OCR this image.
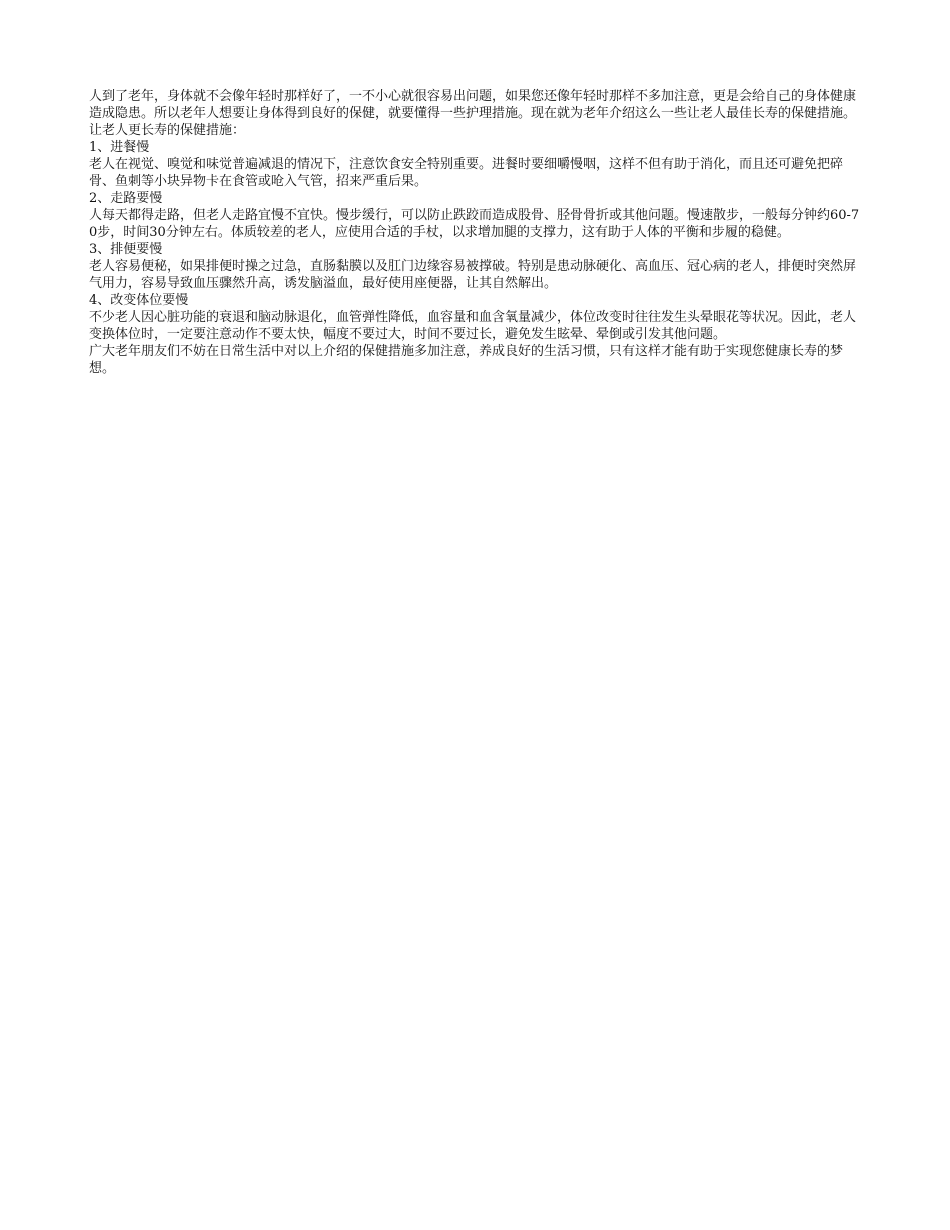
人到了老年，身体就不会像年轻时那样好了，一不小心就很容易出问题，如果您还像年轻时那样不多加注意，更是会给自己的身体健康造成隐患。所以老年人想要让身体得到良好的保健，就要懂得一些护理措施。现在就为老年介绍这么一些让老人最佳长寿的保健措施。

让老人更长寿的保健措施：

1、进餐慢

老人在视觉、嗅觉和味觉普遍减退的情况下，注意饮食安全特别重要。进餐时要细嚼慢咽，这样不但有助于消化，而且还可避免把碎骨、鱼刺等小块异物卡在食管或呛入气管，招来严重后果。

2、走路要慢

人每天都得走路，但老人走路宜慢不宜快。慢步缓行，可以防止跌跤而造成股骨、胫骨骨折或其他问题。慢速散步，一般每分钟约60-70步，时间30分钟左右。体质较差的老人，应使用合适的手杖，以求增加腿的支撑力，这有助于人体的平衡和步履的稳健。

3、排便要慢

老人容易便秘，如果排便时操之过急，直肠黏膜以及肛门边缘容易被撑破。特别是患动脉硬化、高血压、冠心病的老人，排便时突然屏气用力，容易导致血压骤然升高，诱发脑溢血，最好使用座便器，让其自然解出。

4、改变体位要慢

不少老人因心脏功能的衰退和脑动脉退化，血管弹性降低，血容量和血含氧量减少，体位改变时往往发生头晕眼花等状况。因此，老人变换体位时，一定要注意动作不要太快，幅度不要过大，时间不要过长，避免发生眩晕、晕倒或引发其他问题。

广大老年朋友们不妨在日常生活中对以上介绍的保健措施多加注意，养成良好的生活习惯，只有这样才能有助于实现您健康长寿的梦想。
